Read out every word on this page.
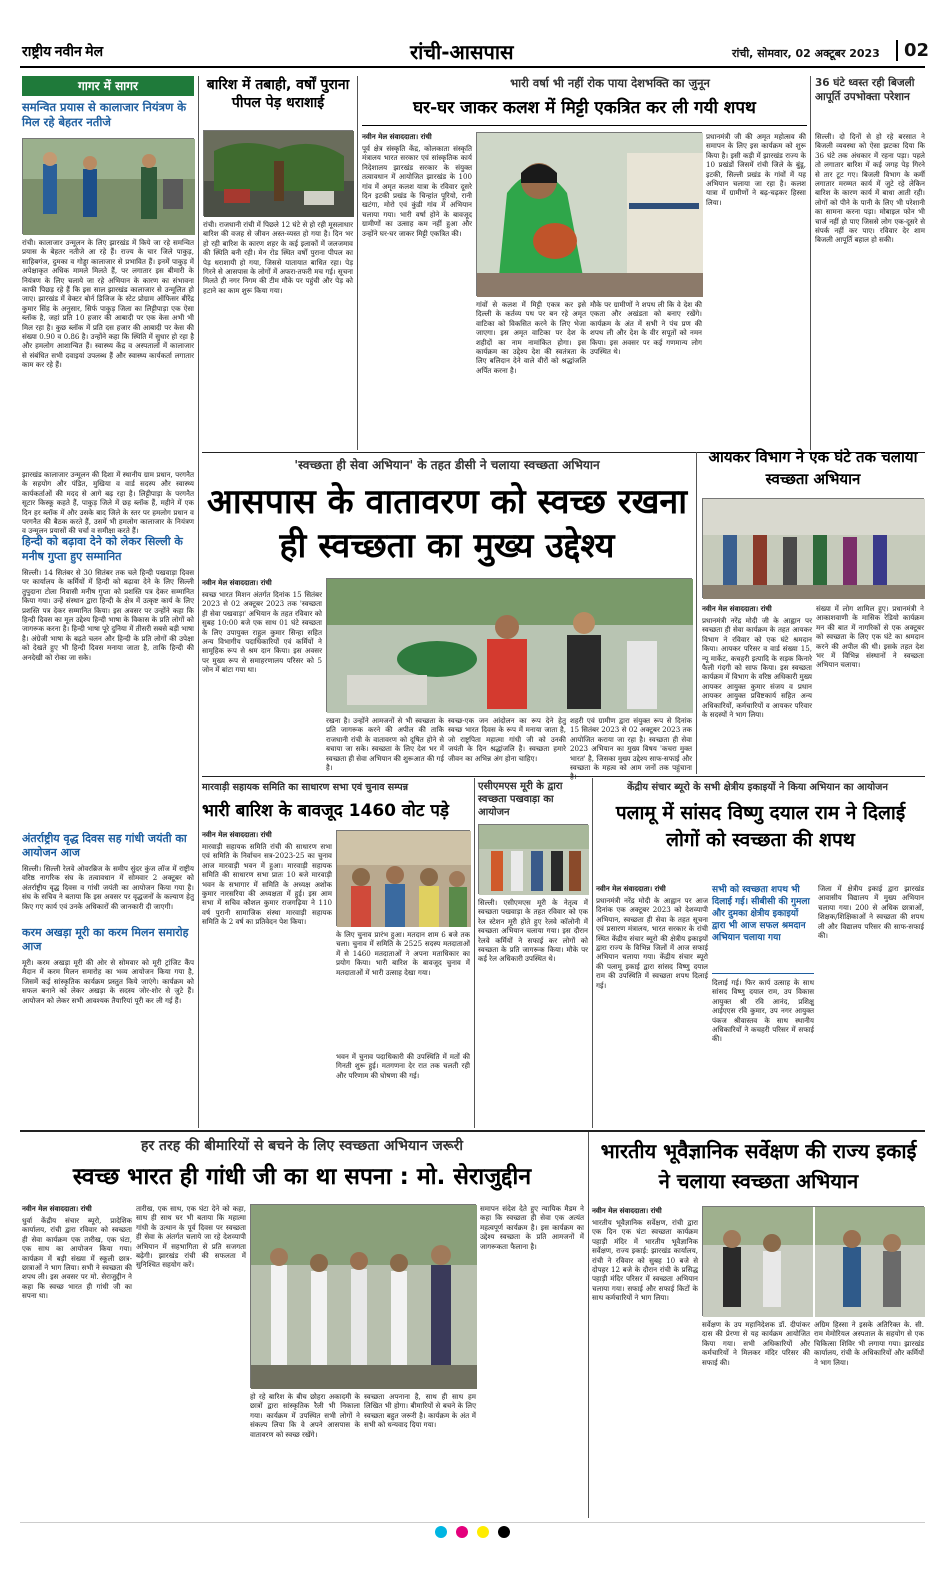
राष्ट्रीय नवीन मेल	रांची-आसपास	रांची, सोमवार, 02 अक्टूबर 2023	02
गागर में सागर
समन्वित प्रयास से कालाजार नियंत्रण के मिल रहे बेहतर नतीजे
रांची। कालाजार उन्मूलन के लिए झारखंड में किये जा रहे समन्वित प्रयास के बेहतर नतीजे आ रहे हैं। राज्य के चार जिले पाकुड़, साहिबगंज, दुमका व गोड्डा कालाजार से प्रभावित हैं। इनमें पाकुड़ में अपेक्षाकृत अधिक मामले मिलते हैं, पर लगातार इस बीमारी के नियंत्रण के लिए चलाये जा रहे अभियान के कारण का संभावना काफी पिछड़ रहे हैं कि इस साल झारखंड कालाजार से उन्मूलित हो जाए। झारखंड में वेक्टर बोर्न डिजिज के स्टेट प्रोग्राम ऑफिसर बीरेंद्र कुमार सिंह के अनुसार, सिर्फ पाकुड़ जिला का लिट्टीपाड़ा एक ऐसा ब्लॉक है, जहां प्रति 10 हजार की आबादी पर एक केस अभी भी मिल रहा है। कुछ ब्लॉक में प्रति दस हजार की आबादी पर केस की संख्या 0.90 व 0.86 है। उन्होंने कहा कि स्थिति में सुधार हो रहा है और हमलोग आशान्वित हैं। स्वास्थ्य केंद्र व अस्पतालों में कालाजार से संबंधित सभी दवाइयां उपलब्ध हैं और स्वास्थ्य कार्यकर्ता लगातार काम कर रहे हैं।
झारखंड कालाजार उन्मूलन की दिशा में स्थानीय ग्राम प्रधान, परगनैत के सहयोग और पंडित, मुखिया व वार्ड सदस्य और स्वास्थ्य कार्यकर्ताओं की मदद से आगे बढ़ रहा है। लिट्टीपाड़ा के परगनैत सूटार किस्कू कहते हैं, पाकुड़ जिले में छह ब्लॉक हैं, महीने में एक दिन हर ब्लॉक में और उसके बाद जिले के स्तर पर हमलोग प्रधान व परगनैत की बैठक करते हैं, उसमें भी हमलोग कालाजार के नियंत्रण व उन्मूलन प्रयासों की चर्चा व समीक्षा करते हैं।
हिन्दी को बढ़ावा देने को लेकर सिल्ली के मनीष गुप्ता हुए सम्मानित
सिल्ली। 14 सितंबर से 30 सितंबर तक चले हिन्दी पखवाड़ा दिवस पर कार्यालय के कर्मियों में हिन्दी को बढ़ावा देने के लिए सिल्ली तुपुदाना टोला निवासी मनीष गुप्ता को प्रशस्ति पत्र देकर सम्मानित किया गया। उन्हें संस्थान द्वारा हिन्दी के क्षेत्र में उत्कृष्ट कार्य के लिए प्रशस्ति पत्र देकर सम्मानित किया। इस अवसर पर उन्होंने कहा कि हिन्दी दिवस का मूल उद्देश्य हिन्दी भाषा के विकास के प्रति लोगों को जागरूक करना है। हिन्दी भाषा पूरे दुनिया में तीसरी सबसे बड़ी भाषा है। अंग्रेजी भाषा के बढ़ते चलन और हिन्दी के प्रति लोगों की उपेक्षा को देखते हुए भी हिन्दी दिवस मनाया जाता है, ताकि हिन्दी की अनदेखी को रोका जा सके।
अंतर्राष्ट्रीय वृद्ध दिवस सह गांधी जयंती का आयोजन आज
सिल्ली। सिल्ली रेलवे ओवरब्रिज के समीप सुंदर कुंज लॉज में राष्ट्रीय वरिष्ठ नागरिक संघ के तत्वावधान में सोमवार 2 अक्टूबर को अंतर्राष्ट्रीय वृद्ध दिवस व गांधी जयंती का आयोजन किया गया है। संघ के सचिव ने बताया कि इस अवसर पर वृद्धजनों के कल्याण हेतु किए गए कार्य एवं उनके अधिकारों की जानकारी दी जाएगी।
करम अखड़ा मूरी का करम मिलन समारोह आज
मूरी। करम अखड़ा मूरी की ओर से सोमवार को मूरी ट्रांजिट कैंप मैदान में करम मिलन समारोह का भव्य आयोजन किया गया है, जिसमें कई सांस्कृतिक कार्यक्रम प्रस्तुत किये जाएंगे। कार्यक्रम को सफल बनाने को लेकर अखड़ा के सदस्य जोर-शोर से जुटे हैं। आयोजन को लेकर सभी आवश्यक तैयारियां पूरी कर ली गई हैं।
बारिश में तबाही, वर्षों पुराना पीपल पेड़ धराशाई
रांची। राजधानी रांची में पिछले 12 घंटे से हो रही मूसलाधार बारिश की वजह से जीवन अस्त-व्यस्त हो गया है। दिन भर हो रही बारिश के कारण शहर के कई इलाकों में जलजमाव की स्थिति बनी रही। मेन रोड स्थित वर्षों पुराना पीपल का पेड़ धराशायी हो गया, जिससे यातायात बाधित रहा। पेड़ गिरने से आसपास के लोगों में अफरा-तफरी मच गई। सूचना मिलते ही नगर निगम की टीम मौके पर पहुंची और पेड़ को हटाने का काम शुरू किया गया।
भारी वर्षा भी नहीं रोक पाया देशभक्ति का जुनून
घर-घर जाकर कलश में मिट्टी एकत्रित कर ली गयी शपथ
नवीन मेल संवाददाता। रांची
पूर्व क्षेत्र संस्कृति केंद्र, कोलकाता संस्कृति मंत्रालय भारत सरकार एवं सांस्कृतिक कार्य निदेशालय झारखंड सरकार के संयुक्त तत्वावधान में आयोजित झारखंड के 100 गांव में अमृत कलश यात्रा के रविवार दूसरे दिन इटकी प्रखंड के चिन्हांत पूरियो, रानी खटंगा, मोरो एवं कुंडी गांव में अभियान चलाया गया। भारी वर्षा होने के बावजूद ग्रामीणों का उत्साह कम नहीं हुआ और उन्होंने घर-घर जाकर मिट्टी एकत्रित की।
गांवों से कलश में मिट्टी एकत्र कर इसे दिल्ली के कर्तव्य पथ पर बन रहे अमृत वाटिका को विकसित करने के लिए भेजा जाएगा। इस अमृत वाटिका पर देश के शहीदों का नाम नामांकित होगा। इस कार्यक्रम का उद्देश्य देश की स्वतंत्रता के लिए बलिदान देने वाले वीरों को श्रद्धांजलि अर्पित करना है।
मौके पर ग्रामीणों ने शपथ ली कि वे देश की एकता और अखंडता को बनाए रखेंगे। कार्यक्रम के अंत में सभी ने पंच प्रण की शपथ ली और देश के वीर सपूतों को नमन किया। इस अवसर पर कई गणमान्य लोग उपस्थित थे।
प्रधानमंत्री जी की अमृत महोत्सव की समापन के लिए इस कार्यक्रम को शुरू किया है। इसी कड़ी में झारखंड राज्य के 10 प्रखंडों जिसमें रांची जिले के बुंडू, इटकी, सिल्ली प्रखंड के गांवों में यह अभियान चलाया जा रहा है। कलश यात्रा में ग्रामीणों ने बढ़-चढ़कर हिस्सा लिया।
36 घंटे ध्वस्त रही बिजली आपूर्ति उपभोक्ता परेशान
सिल्ली। दो दिनों से हो रहे बरसात ने बिजली व्यवस्था को ऐसा झटका दिया कि 36 घंटे तक अंधकार में रहना पड़ा। पहले तो लगातार बारिश में कई जगह पेड़ गिरने से तार टूट गए। बिजली विभाग के कर्मी लगातार मरम्मत कार्य में जुटे रहे लेकिन बारिश के कारण कार्य में बाधा आती रही। लोगों को पीने के पानी के लिए भी परेशानी का सामना करना पड़ा। मोबाइल फोन भी चार्ज नहीं हो पाए जिससे लोग एक-दूसरे से संपर्क नहीं कर पाए। रविवार देर शाम बिजली आपूर्ति बहाल हो सकी।
'स्वच्छता ही सेवा अभियान' के तहत डीसी ने चलाया स्वच्छता अभियान
आसपास के वातावरण को स्वच्छ रखना ही स्वच्छता का मुख्य उद्देश्य
नवीन मेल संवाददाता। रांची
स्वच्छ भारत मिशन अंतर्गत दिनांक 15 सितंबर 2023 से 02 अक्टूबर 2023 तक 'स्वच्छता ही सेवा पखवाड़ा' अभियान के तहत रविवार को सुबह 10:00 बजे एक साथ 01 घंटे स्वच्छता के लिए उपायुक्त राहुल कुमार सिन्हा सहित अन्य विभागीय पदाधिकारियों एवं कर्मियों ने सामूहिक रूप से श्रम दान किया। इस अवसर पर मुख्य रूप से समाहरणालय परिसर को 5 जोन में बांटा गया था।
रखना है। उन्होंने आमजनों से भी स्वच्छता के प्रति जागरूक करने की अपील की ताकि राजधानी रांची के वातावरण को दूषित होने से बचाया जा सके। स्वच्छता के लिए देश भर में स्वच्छता ही सेवा अभियान की शुरूआत की गई है।
स्वच्छ-एक जन आंदोलन का रूप देने हेतु स्वच्छ भारत दिवस के रूप में मनाया जाता है, जो राष्ट्रपिता महात्मा गांधी जी को उनकी जयंती के दिन श्रद्धांजलि है। स्वच्छता हमारे जीवन का अभिन्न अंग होना चाहिए।
शहरी एवं ग्रामीण द्वारा संयुक्त रूप से दिनांक 15 सितंबर 2023 से 02 अक्टूबर 2023 तक आयोजित कराया जा रहा है। स्वच्छता ही सेवा 2023 अभियान का मुख्य विषय 'कचरा मुक्त भारत' है, जिसका मुख्य उद्देश्य साफ-सफाई और स्वच्छता के महत्व को आम जनों तक पहुंचाना
आयकर विभाग ने एक घंटे तक चलाया स्वच्छता अभियान
नवीन मेल संवाददाता। रांची
प्रधानमंत्री नरेंद्र मोदी जी के आह्वान पर स्वच्छता ही सेवा कार्यक्रम के तहत आयकर विभाग ने रविवार को एक घंटे श्रमदान किया। आयकर परिसर व वार्ड संख्या 15, न्यू मार्केट, कचहरी इत्यादि के सड़क किनारे फैली गंदगी को साफ किया। इस स्वच्छता कार्यक्रम में विभाग के वरिष्ठ अधिकारी मुख्य आयकर आयुक्त कुमार संजय व प्रधान आयकर आयुक्त प्रविष्टकार्य सहित अन्य अधिकारियों, कर्मचारियों व आयकर परिवार के सदस्यों ने भाग लिया।
संख्या में लोग शामिल हुए। प्रधानमंत्री ने आकाशवाणी के मासिक रेडियो कार्यक्रम मन की बात में नागरिकों से एक अक्टूबर को स्वच्छता के लिए एक घंटे का श्रमदान करने की अपील की थी। इसके तहत देश भर में विभिन्न संस्थानों ने स्वच्छता अभियान चलाया।
मारवाड़ी सहायक समिति का साधारण सभा एवं चुनाव सम्पन्न
भारी बारिश के बावजूद 1460 वोट पड़े
नवीन मेल संवाददाता। रांची
मारवाड़ी सहायक समिति रांची की साधारण सभा एवं समिति के निर्वाचन सत्र-2023-25 का चुनाव आज मारवाड़ी भवन में हुआ। मारवाड़ी सहायक समिति की साधारण सभा प्रातः 10 बजे मारवाड़ी भवन के सभागार में समिति के अध्यक्ष अशोक कुमार नारसरिया की अध्यक्षता में हुई। इस आम सभा में सचिव कौशल कुमार राजगढ़िया ने 110 वर्ष पुरानी सामाजिक संस्था मारवाड़ी सहायक समिति के 2 वर्ष का प्रतिवेदन पेश किया।
के लिए चुनाव प्रारंभ हुआ। मतदान शाम 6 बजे तक चला। चुनाव में समिति के 2525 सदस्य मतदाताओं में से 1460 मतदाताओं ने अपना मताधिकार का प्रयोग किया। भारी बारिश के बावजूद चुनाव में मतदाताओं में भारी उत्साह देखा गया।
भवन में चुनाव पदाधिकारी की उपस्थिति में मतों की गिनती शुरू हुई। मतगणना देर रात तक चलती रही और परिणाम की घोषणा की गई।
एसीएमएस मूरी के द्वारा स्वच्छता पखवाड़ा का आयोजन
सिल्ली। एसीएमएस मूरी के नेतृत्व में स्वच्छता पखवाड़ा के तहत रविवार को एक रेल स्टेशन मूरी होते हुए रेलवे कॉलोनी में स्वच्छता अभियान चलाया गया। इस दौरान रेलवे कर्मियों ने सफाई कर लोगों को स्वच्छता के प्रति जागरूक किया। मौके पर कई रेल अधिकारी उपस्थित थे।
केंद्रीय संचार ब्यूरो के सभी क्षेत्रीय इकाइयों ने किया अभियान का आयोजन
पलामू में सांसद विष्णु दयाल राम ने दिलाई लोगों को स्वच्छता की शपथ
नवीन मेल संवाददाता। रांची
प्रधानमंत्री नरेंद्र मोदी के आह्वान पर आज दिनांक एक अक्टूबर 2023 को देशव्यापी अभियान, स्वच्छता ही सेवा के तहत सूचना एवं प्रसारण मंत्रालय, भारत सरकार के रांची स्थित केंद्रीय संचार ब्यूरो की क्षेत्रीय इकाइयों द्वारा राज्य के विभिन्न जिलों में आज सफाई अभियान चलाया गया। केंद्रीय संचार ब्यूरो की पलामू इकाई द्वारा सांसद विष्णु दयाल राम की उपस्थिति में स्वच्छता शपथ दिलाई गई।
सभी को स्वच्छता शपथ भी दिलाई गई। सीबीसी की गुमला और दुमका क्षेत्रीय इकाइयों द्वारा भी आज सफल श्रमदान अभियान चलाया गया
दिलाई गई। फिर कार्य उत्साह के साथ सांसद विष्णु दयाल राम, उप विकास आयुक्त श्री रवि आनंद, प्रशिक्षु आईएएस रवि कुमार, उप नगर आयुक्त पंकज श्रीवास्तव के साथ स्थानीय अधिकारियों ने कचहरी परिसर में सफाई की।
जिला में क्षेत्रीय इकाई द्वारा झारखंड आवासीय विद्यालय में मुख्य अभियान चलाया गया। 200 से अधिक छात्राओं, शिक्षक/शिक्षिकाओं ने स्वच्छता की शपथ ली और विद्यालय परिसर की साफ-सफाई की।
हर तरह की बीमारियों से बचने के लिए स्वच्छता अभियान जरूरी
स्वच्छ भारत ही गांधी जी का था सपना : मो. सेराजुद्दीन
नवीन मेल संवाददाता। रांची
धुर्वा केंद्रीय संचार ब्यूरो, प्रादेशिक कार्यालय, रांची द्वारा रविवार को स्वच्छता ही सेवा कार्यक्रम एक तारीख, एक घंटा, एक साथ का आयोजन किया गया। कार्यक्रम में बड़ी संख्या में स्कूली छात्र-छात्राओं ने भाग लिया। सभी ने स्वच्छता की शपथ ली। इस अवसर पर मो. सेराजुद्दीन ने कहा कि स्वच्छ भारत ही गांधी जी का सपना था।
तारीख, एक साथ, एक घंटा देने को कहा, साथ ही साथ घर भी बताया कि महात्मा गांधी के उत्थान के पूर्व दिवस पर स्वच्छता ही सेवा के अंतर्गत चलाये जा रहे देशव्यापी अभियान में सहभागिता से प्रति सजगता बढ़ेगी। झारखंड रांची की सफलता में सुनिश्चित सहयोग करें।
हो रहे बारिश के बीच छोहरा अकादमी के छात्रों द्वारा सांस्कृतिक रैली भी निकाला गया। कार्यक्रम में उपस्थित सभी लोगों ने संकल्प लिया कि वे अपने आसपास के वातावरण को स्वच्छ रखेंगे।
स्वच्छता अपनाना है, साथ ही साथ हम लिखित भी होगा। बीमारियों से बचने के लिए स्वच्छता बहुत जरूरी है। कार्यक्रम के अंत में सभी को धन्यवाद दिया गया।
समापन संदेश देते हुए न्यायिक मैडम ने कहा कि स्वच्छता ही सेवा एक अत्यंत महत्वपूर्ण कार्यक्रम है। इस कार्यक्रम का उद्देश्य स्वच्छता के प्रति आमजनों में जागरूकता फैलाना है।
भारतीय भूवैज्ञानिक सर्वेक्षण की राज्य इकाई ने चलाया स्वच्छता अभियान
नवीन मेल संवाददाता। रांची
भारतीय भूवैज्ञानिक सर्वेक्षण, रांची द्वारा एक दिन एक घंटा स्वच्छता कार्यक्रम पहाड़ी मंदिर में भारतीय भूवैज्ञानिक सर्वेक्षण, राज्य इकाई: झारखंड कार्यालय, रांची ने रविवार को सुबह 10 बजे से दोपहर 12 बजे के दौरान रांची के प्रसिद्ध पहाड़ी मंदिर परिसर में स्वच्छता अभियान चलाया गया। सफाई और सफाई किटों के साथ कर्मचारियों ने भाग लिया।
सर्वेक्षण के उप महानिदेशक डॉ. दीपांकर दास की प्रेरणा से यह कार्यक्रम आयोजित किया गया। सभी अधिकारियों और कर्मचारियों ने मिलकर मंदिर परिसर की सफाई की।
अग्रिम हिस्सा ने इसके अतिरिक्त के. सी. राम मेमोरियल अस्पताल के सहयोग से एक चिकित्सा शिविर भी लगाया गया। झारखंड कार्यालय, रांची के अधिकारियों और कर्मियों ने भाग लिया।
